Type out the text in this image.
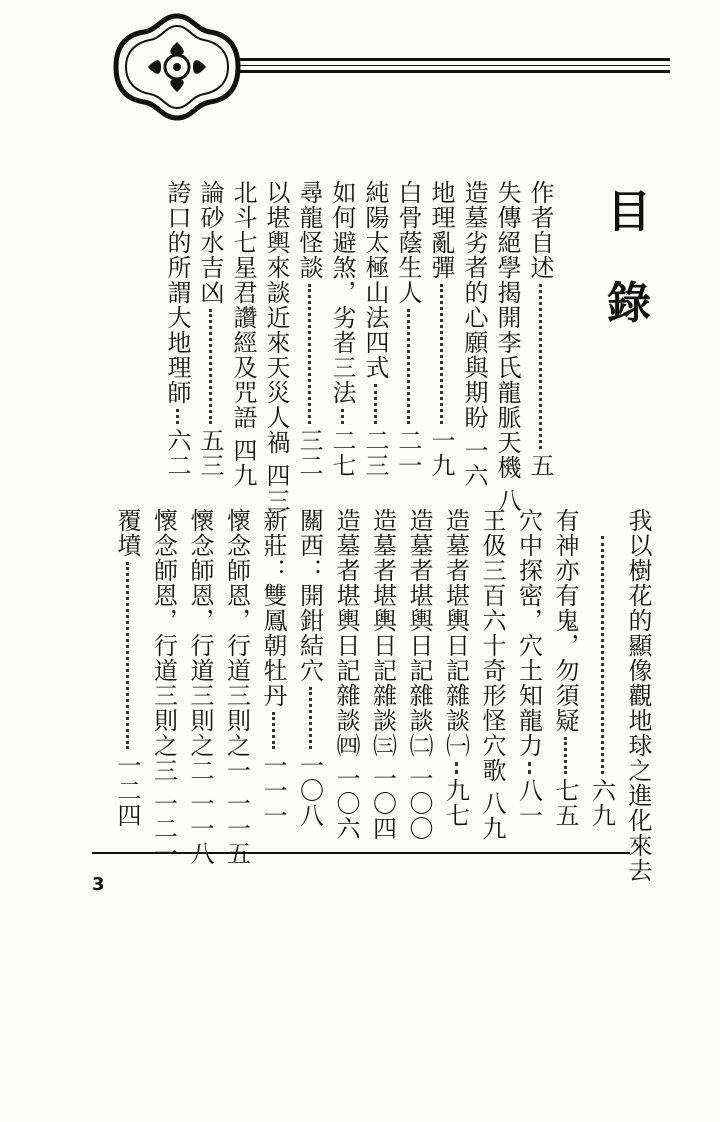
目 錄
作者自述
五
失傳絕學揭開李氏龍脈天機
八
造墓劣者的心願與期盼
一六
地理亂彈
一九
白骨蔭生人
二一
純陽太極山法四式
二三
如何避煞，劣者三法
二七
尋龍怪談
三二
以堪輿來談近來天災人禍
四三
北斗七星君讚經及咒語
四九
論砂水吉凶
五三
誇口的所謂大地理師
六二
我以樹花的顯像觀地球之進化來去
六九
有神亦有鬼，勿須疑
七五
穴中探密，穴土知龍力
八一
王伋三百六十奇形怪穴歌
八九
造墓者堪輿日記雜談㈠
九七
造墓者堪輿日記雜談㈡
一〇〇
造墓者堪輿日記雜談㈢
一〇四
造墓者堪輿日記雜談㈣
一〇六
關西：開鉗結穴
一〇八
新莊：雙鳳朝牡丹
一一一
懷念師恩，行道三則之一
一一五
懷念師恩，行道三則之二
一一八
懷念師恩，行道三則之三
一二一
覆墳
一二四
3
